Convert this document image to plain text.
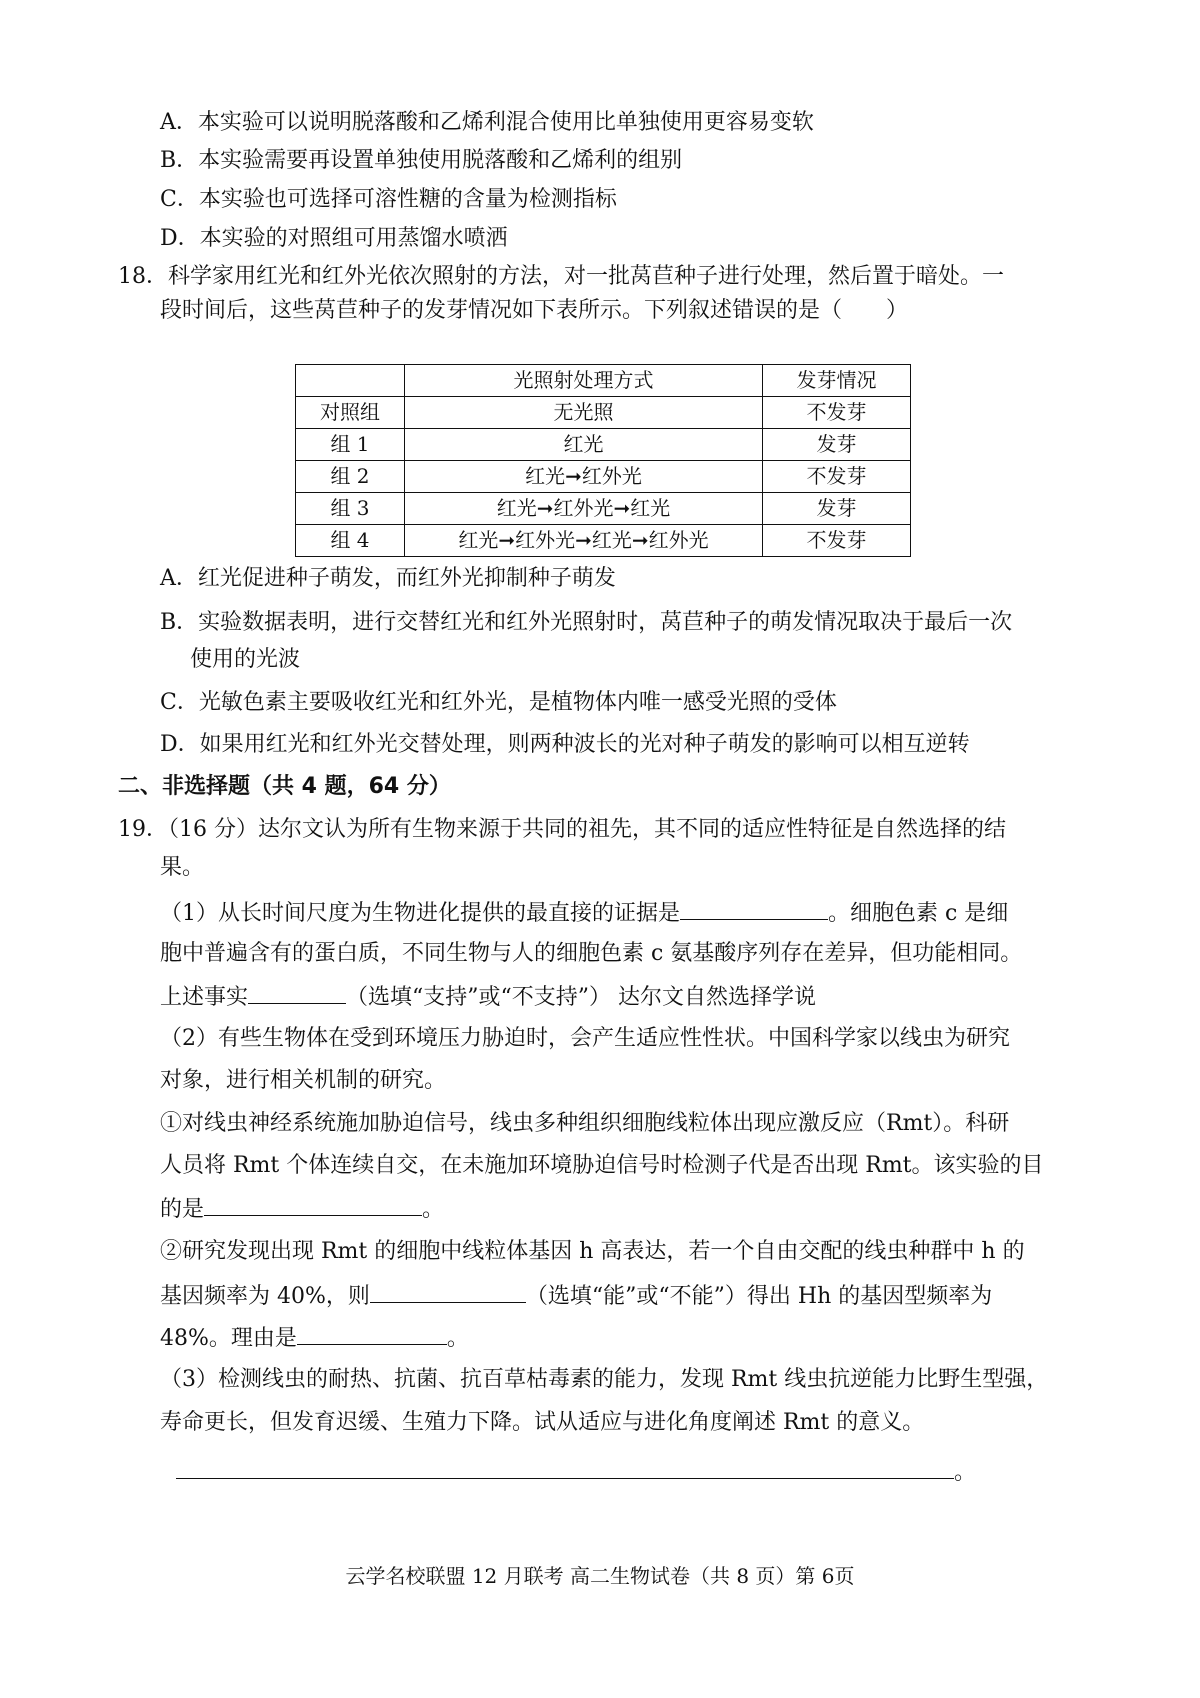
A．本实验可以说明脱落酸和乙烯利混合使用比单独使用更容易变软
B．本实验需要再设置单独使用脱落酸和乙烯利的组别
C．本实验也可选择可溶性糖的含量为检测指标
D．本实验的对照组可用蒸馏水喷洒
18．科学家用红光和红外光依次照射的方法，对一批莴苣种子进行处理，然后置于暗处。一
段时间后，这些莴苣种子的发芽情况如下表所示。下列叙述错误的是（　　）
	光照射处理方式	发芽情况
对照组	无光照	不发芽
组 1	红光	发芽
组 2	红光➞红外光	不发芽
组 3	红光➞红外光➞红光	发芽
组 4	红光➞红外光➞红光➞红外光	不发芽
A．红光促进种子萌发，而红外光抑制种子萌发
B．实验数据表明，进行交替红光和红外光照射时，莴苣种子的萌发情况取决于最后一次
使用的光波
C．光敏色素主要吸收红光和红外光，是植物体内唯一感受光照的受体
D．如果用红光和红外光交替处理，则两种波长的光对种子萌发的影响可以相互逆转
二、非选择题（共 4 题，64 分）
19．（16 分）达尔文认为所有生物来源于共同的祖先，其不同的适应性特征是自然选择的结
果。
（1）从长时间尺度为生物进化提供的最直接的证据是	。细胞色素 c 是细
胞中普遍含有的蛋白质，不同生物与人的细胞色素 c 氨基酸序列存在差异，但功能相同。
上述事实	（选填“支持”或“不支持”） 达尔文自然选择学说
（2）有些生物体在受到环境压力胁迫时，会产生适应性性状。中国科学家以线虫为研究
对象，进行相关机制的研究。
①对线虫神经系统施加胁迫信号，线虫多种组织细胞线粒体出现应激反应（Rmt）。科研
人员将 Rmt 个体连续自交，在未施加环境胁迫信号时检测子代是否出现 Rmt。该实验的目
的是	。
②研究发现出现 Rmt 的细胞中线粒体基因 h 高表达，若一个自由交配的线虫种群中 h 的
基因频率为 40%，则	（选填“能”或“不能”）得出 Hh 的基因型频率为
48%。理由是	。
（3）检测线虫的耐热、抗菌、抗百草枯毒素的能力，发现 Rmt 线虫抗逆能力比野生型强，
寿命更长，但发育迟缓、生殖力下降。试从适应与进化角度阐述 Rmt 的意义。
。
云学名校联盟 12 月联考 高二生物试卷（共 8 页）第 6页
